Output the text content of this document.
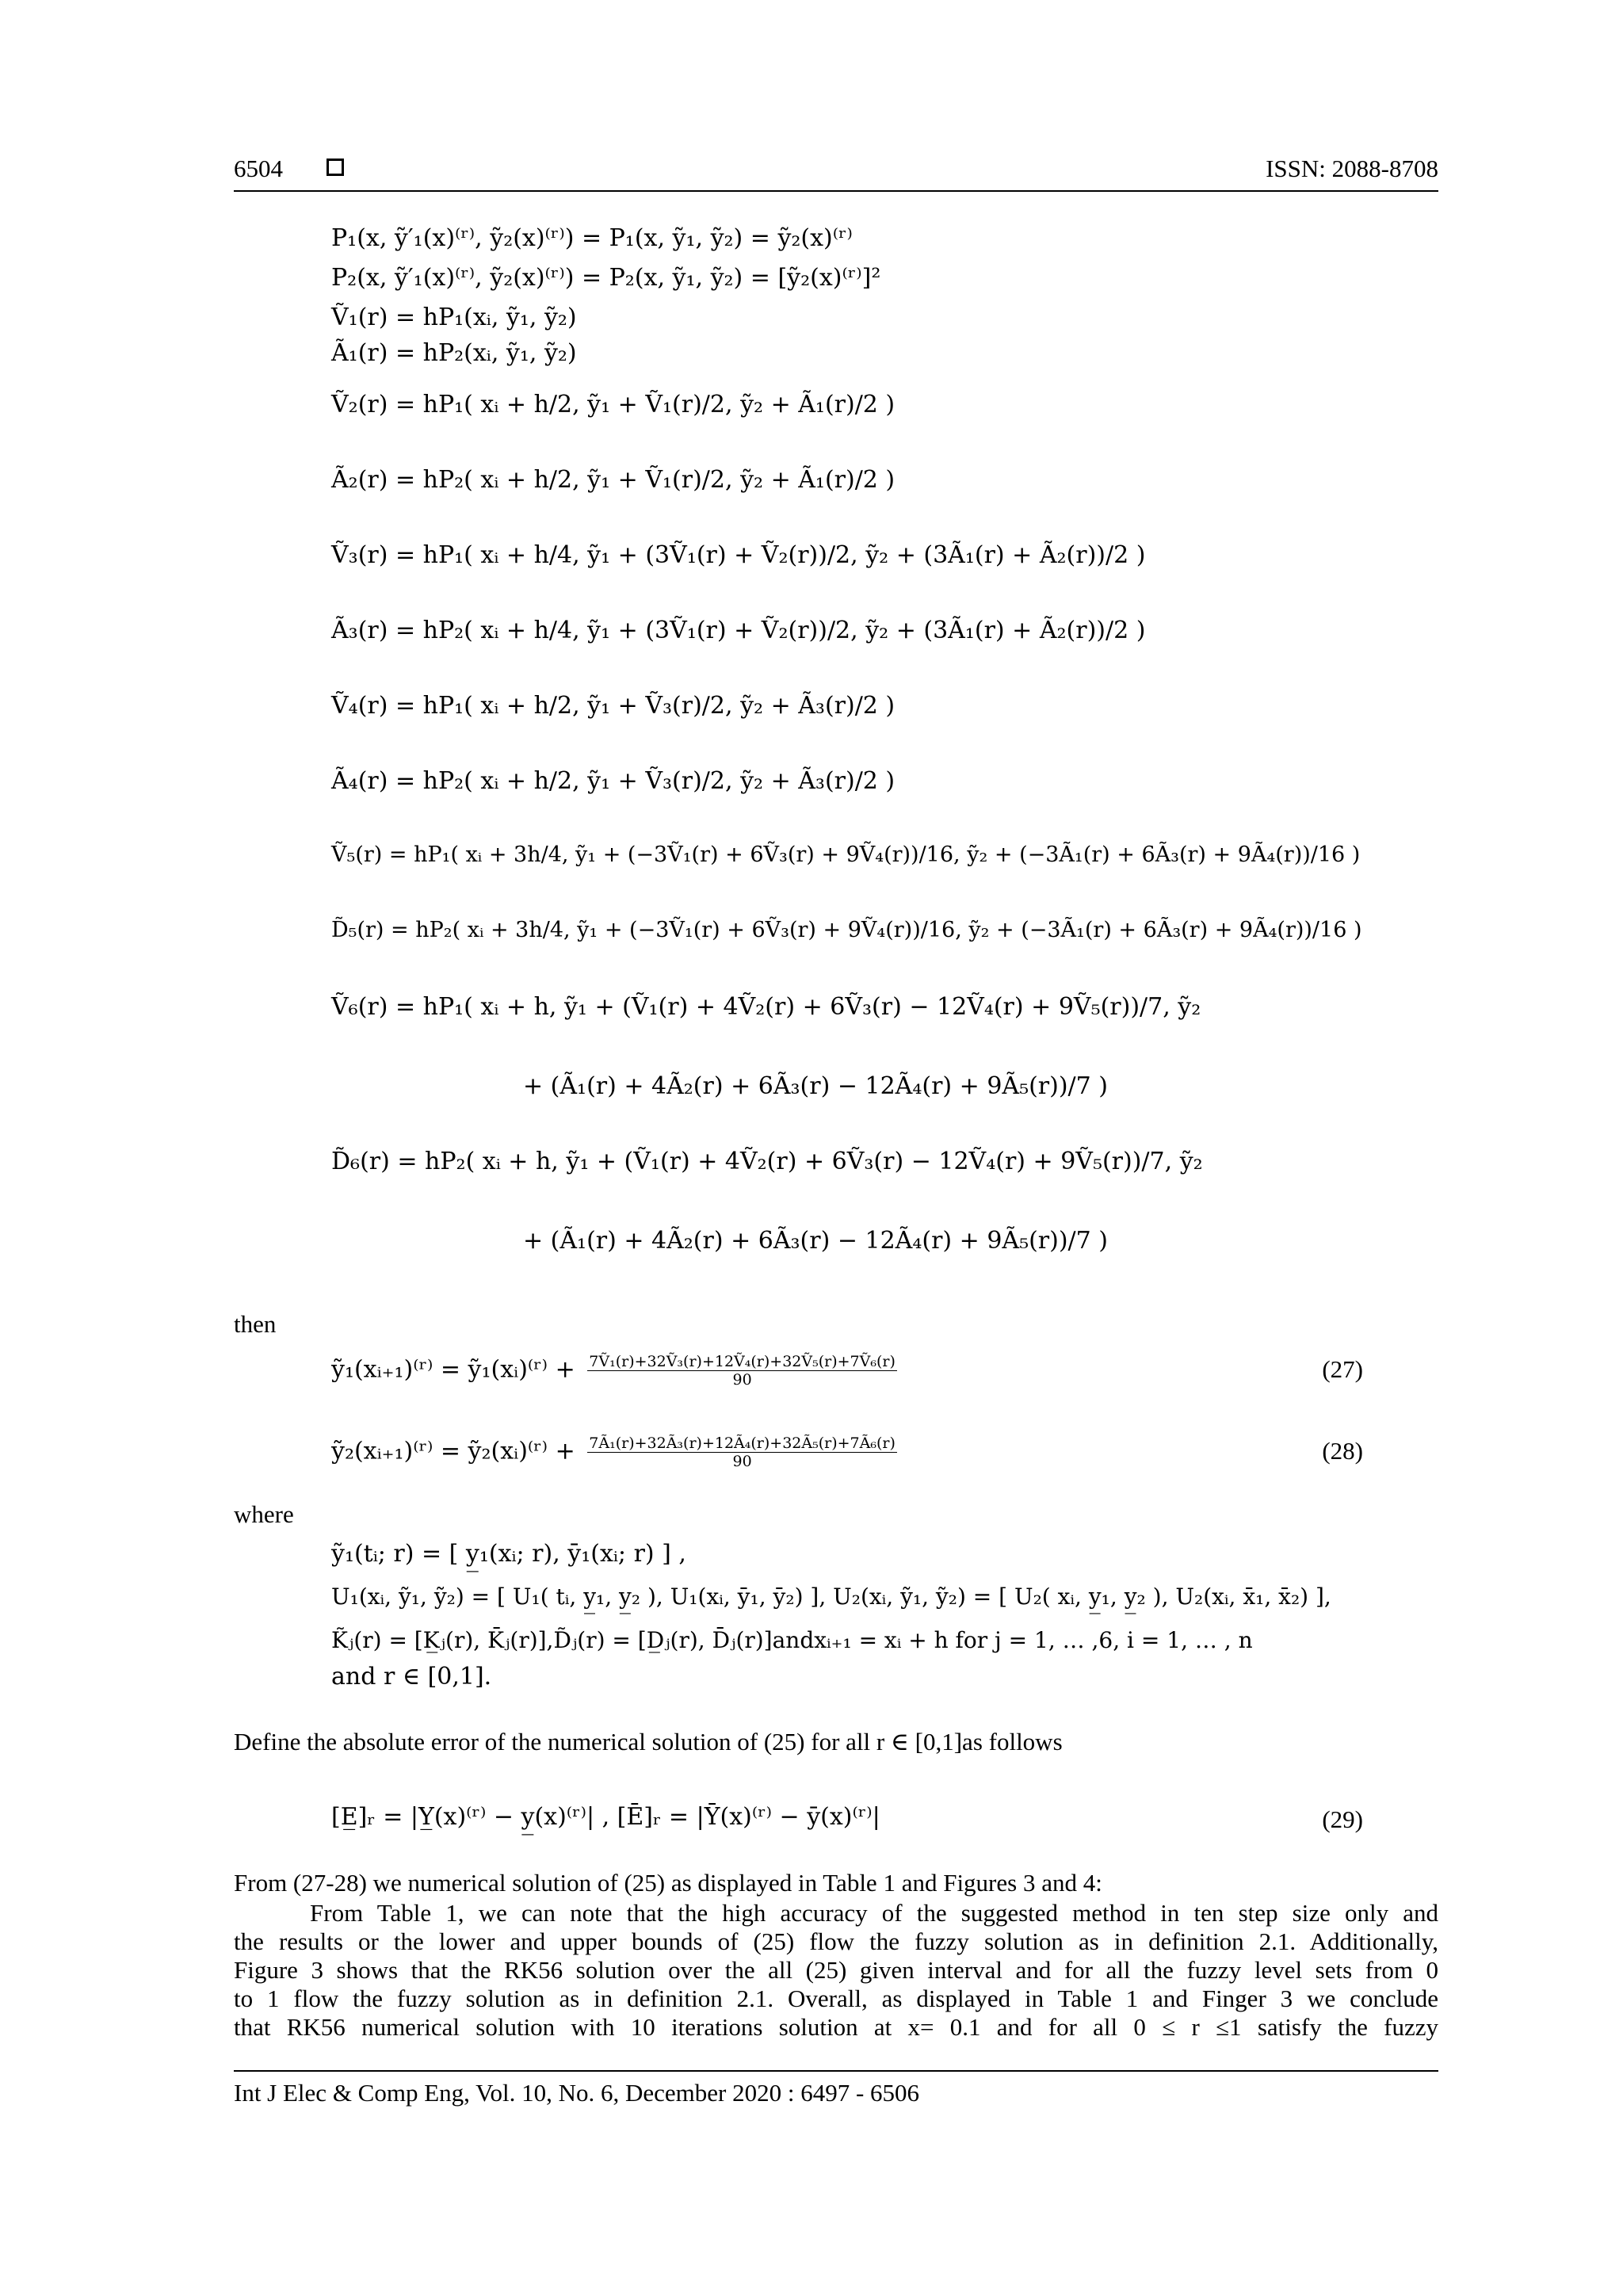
6504	ISSN: 2088-8708
P₁(x, ỹ′₁(x)⁽ʳ⁾, ỹ₂(x)⁽ʳ⁾) = P₁(x, ỹ₁, ỹ₂) = ỹ₂(x)⁽ʳ⁾
P₂(x, ỹ′₁(x)⁽ʳ⁾, ỹ₂(x)⁽ʳ⁾) = P₂(x, ỹ₁, ỹ₂) = [ỹ₂(x)⁽ʳ⁾]²
Ṽ₁(r) = hP₁(xᵢ, ỹ₁, ỹ₂)
Ã₁(r) = hP₂(xᵢ, ỹ₁, ỹ₂)
Ṽ₂(r) = hP₁( xᵢ + h/2, ỹ₁ + Ṽ₁(r)/2, ỹ₂ + Ã₁(r)/2 )
Ã₂(r) = hP₂( xᵢ + h/2, ỹ₁ + Ṽ₁(r)/2, ỹ₂ + Ã₁(r)/2 )
Ṽ₃(r) = hP₁( xᵢ + h/4, ỹ₁ + (3Ṽ₁(r) + Ṽ₂(r))/2, ỹ₂ + (3Ã₁(r) + Ã₂(r))/2 )
Ã₃(r) = hP₂( xᵢ + h/4, ỹ₁ + (3Ṽ₁(r) + Ṽ₂(r))/2, ỹ₂ + (3Ã₁(r) + Ã₂(r))/2 )
Ṽ₄(r) = hP₁( xᵢ + h/2, ỹ₁ + Ṽ₃(r)/2, ỹ₂ + Ã₃(r)/2 )
Ã₄(r) = hP₂( xᵢ + h/2, ỹ₁ + Ṽ₃(r)/2, ỹ₂ + Ã₃(r)/2 )
Ṽ₅(r) = hP₁( xᵢ + 3h/4, ỹ₁ + (−3Ṽ₁(r) + 6Ṽ₃(r) + 9Ṽ₄(r))/16, ỹ₂ + (−3Ã₁(r) + 6Ã₃(r) + 9Ã₄(r))/16 )
D̃₅(r) = hP₂( xᵢ + 3h/4, ỹ₁ + (−3Ṽ₁(r) + 6Ṽ₃(r) + 9Ṽ₄(r))/16, ỹ₂ + (−3Ã₁(r) + 6Ã₃(r) + 9Ã₄(r))/16 )
Ṽ₆(r) = hP₁( xᵢ + h, ỹ₁ + (Ṽ₁(r) + 4Ṽ₂(r) + 6Ṽ₃(r) − 12Ṽ₄(r) + 9Ṽ₅(r))/7, ỹ₂
+ (Ã₁(r) + 4Ã₂(r) + 6Ã₃(r) − 12Ã₄(r) + 9Ã₅(r))/7 )
D̃₆(r) = hP₂( xᵢ + h, ỹ₁ + (Ṽ₁(r) + 4Ṽ₂(r) + 6Ṽ₃(r) − 12Ṽ₄(r) + 9Ṽ₅(r))/7, ỹ₂
+ (Ã₁(r) + 4Ã₂(r) + 6Ã₃(r) − 12Ã₄(r) + 9Ã₅(r))/7 )
then
ỹ₁(xᵢ₊₁)⁽ʳ⁾ = ỹ₁(xᵢ)⁽ʳ⁾ + $\frac{\text{7Ṽ₁(r)+32Ṽ₃(r)+12Ṽ₄(r)+32Ṽ₅(r)+7Ṽ₆(r)}}{90}$	(27)
ỹ₂(xᵢ₊₁)⁽ʳ⁾ = ỹ₂(xᵢ)⁽ʳ⁾ + $\frac{\text{7Ã₁(r)+32Ã₃(r)+12Ã₄(r)+32Ã₅(r)+7Ã₆(r)}}{90}$	(28)
where
ỹ₁(tᵢ; r) = [ y̲₁(xᵢ; r), ȳ₁(xᵢ; r) ] ,
U₁(xᵢ, ỹ₁, ỹ₂) = [ U₁( tᵢ, y̲₁, y̲₂ ), U₁(xᵢ, ȳ₁, ȳ₂) ], U₂(xᵢ, ỹ₁, ỹ₂) = [ U₂( xᵢ, y̲₁, y̲₂ ), U₂(xᵢ, x̄₁, x̄₂) ],
K̃ⱼ(r) = [K̲ⱼ(r), K̄ⱼ(r)],D̃ⱼ(r) = [D̲ⱼ(r), D̄ⱼ(r)]andxᵢ₊₁ = xᵢ + h for j = 1, … ,6, i = 1, … , n
and r ∈ [0,1].
Define the absolute error of the numerical solution of (25) for all r ∈ [0,1]as follows
[E̲]ᵣ = |Y̲(x)⁽ʳ⁾ − y̲(x)⁽ʳ⁾| , [Ē]ᵣ = |Ȳ(x)⁽ʳ⁾ − ȳ(x)⁽ʳ⁾|	(29)
From (27-28) we numerical solution of (25) as displayed in Table 1 and Figures 3 and 4:
From Table 1, we can note that the high accuracy of the suggested method in ten step size only and
the results or the lower and upper bounds of (25) flow the fuzzy solution as in definition 2.1. Additionally,
Figure 3 shows that the RK56 solution over the all (25) given interval and for all the fuzzy level sets from 0
to 1 flow the fuzzy solution as in definition 2.1. Overall, as displayed in Table 1 and Finger 3 we conclude
that RK56 numerical solution with 10 iterations solution at x= 0.1 and for all 0 ≤ r ≤1 satisfy the fuzzy
Int J Elec & Comp Eng, Vol. 10, No. 6, December 2020 : 6497 - 6506
